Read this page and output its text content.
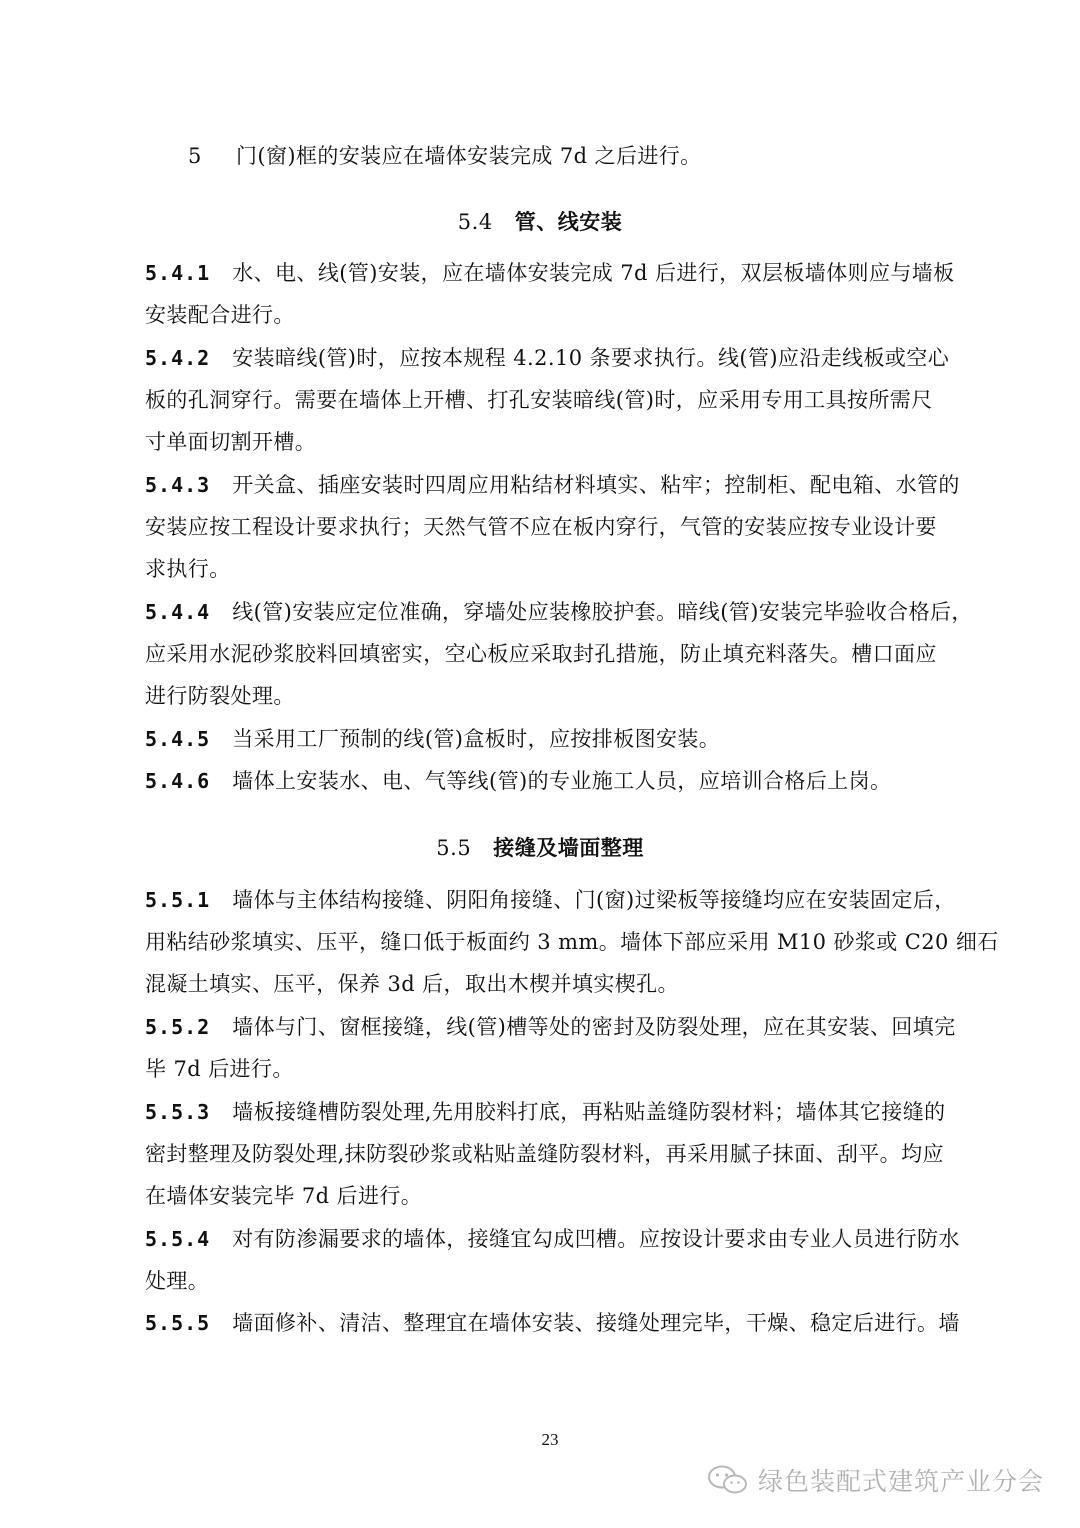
5 门(窗)框的安装应在墙体安装完成 7d 之后进行。
5.4 管、线安装
5.4.1 水、电、线(管)安装，应在墙体安装完成 7d 后进行，双层板墙体则应与墙板
安装配合进行。
5.4.2 安装暗线(管)时，应按本规程 4.2.10 条要求执行。线(管)应沿走线板或空心
板的孔洞穿行。需要在墙体上开槽、打孔安装暗线(管)时，应采用专用工具按所需尺
寸单面切割开槽。
5.4.3 开关盒、插座安装时四周应用粘结材料填实、粘牢；控制柜、配电箱、水管的
安装应按工程设计要求执行；天然气管不应在板内穿行，气管的安装应按专业设计要
求执行。
5.4.4 线(管)安装应定位准确，穿墙处应装橡胶护套。暗线(管)安装完毕验收合格后，
应采用水泥砂浆胶料回填密实，空心板应采取封孔措施，防止填充料落失。槽口面应
进行防裂处理。
5.4.5 当采用工厂预制的线(管)盒板时，应按排板图安装。
5.4.6 墙体上安装水、电、气等线(管)的专业施工人员，应培训合格后上岗。
5.5 接缝及墙面整理
5.5.1 墙体与主体结构接缝、阴阳角接缝、门(窗)过梁板等接缝均应在安装固定后，
用粘结砂浆填实、压平，缝口低于板面约 3 mm。墙体下部应采用 M10 砂浆或 C20 细石
混凝土填实、压平，保养 3d 后，取出木楔并填实楔孔。
5.5.2 墙体与门、窗框接缝，线(管)槽等处的密封及防裂处理，应在其安装、回填完
毕 7d 后进行。
5.5.3 墙板接缝槽防裂处理,先用胶料打底，再粘贴盖缝防裂材料；墙体其它接缝的
密封整理及防裂处理,抹防裂砂浆或粘贴盖缝防裂材料，再采用腻子抹面、刮平。均应
在墙体安装完毕 7d 后进行。
5.5.4 对有防渗漏要求的墙体，接缝宜勾成凹槽。应按设计要求由专业人员进行防水
处理。
5.5.5 墙面修补、清洁、整理宜在墙体安装、接缝处理完毕，干燥、稳定后进行。墙
23
绿色装配式建筑产业分会
